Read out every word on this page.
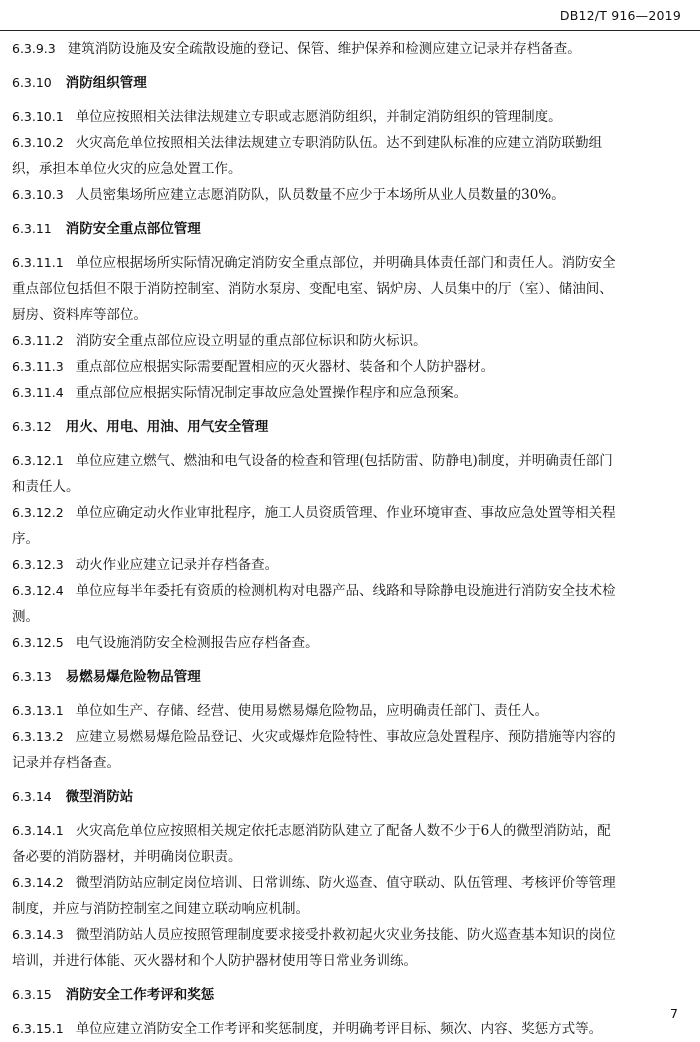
DB12/T 916—2019
6.3.9.3 建筑消防设施及安全疏散设施的登记、保管、维护保养和检测应建立记录并存档备查。
6.3.10 消防组织管理
6.3.10.1 单位应按照相关法律法规建立专职或志愿消防组织，并制定消防组织的管理制度。
6.3.10.2 火灾高危单位按照相关法律法规建立专职消防队伍。达不到建队标准的应建立消防联勤组
织，承担本单位火灾的应急处置工作。
6.3.10.3 人员密集场所应建立志愿消防队，队员数量不应少于本场所从业人员数量的30%。
6.3.11 消防安全重点部位管理
6.3.11.1 单位应根据场所实际情况确定消防安全重点部位，并明确具体责任部门和责任人。消防安全
重点部位包括但不限于消防控制室、消防水泵房、变配电室、锅炉房、人员集中的厅（室）、储油间、
厨房、资料库等部位。
6.3.11.2 消防安全重点部位应设立明显的重点部位标识和防火标识。
6.3.11.3 重点部位应根据实际需要配置相应的灭火器材、装备和个人防护器材。
6.3.11.4 重点部位应根据实际情况制定事故应急处置操作程序和应急预案。
6.3.12 用火、用电、用油、用气安全管理
6.3.12.1 单位应建立燃气、燃油和电气设备的检查和管理(包括防雷、防静电)制度，并明确责任部门
和责任人。
6.3.12.2 单位应确定动火作业审批程序，施工人员资质管理、作业环境审查、事故应急处置等相关程
序。
6.3.12.3 动火作业应建立记录并存档备查。
6.3.12.4 单位应每半年委托有资质的检测机构对电器产品、线路和导除静电设施进行消防安全技术检
测。
6.3.12.5 电气设施消防安全检测报告应存档备查。
6.3.13 易燃易爆危险物品管理
6.3.13.1 单位如生产、存储、经营、使用易燃易爆危险物品，应明确责任部门、责任人。
6.3.13.2 应建立易燃易爆危险品登记、火灾或爆炸危险特性、事故应急处置程序、预防措施等内容的
记录并存档备查。
6.3.14 微型消防站
6.3.14.1 火灾高危单位应按照相关规定依托志愿消防队建立了配备人数不少于6人的微型消防站，配
备必要的消防器材，并明确岗位职责。
6.3.14.2 微型消防站应制定岗位培训、日常训练、防火巡查、值守联动、队伍管理、考核评价等管理
制度，并应与消防控制室之间建立联动响应机制。
6.3.14.3 微型消防站人员应按照管理制度要求接受扑救初起火灾业务技能、防火巡查基本知识的岗位
培训，并进行体能、灭火器材和个人防护器材使用等日常业务训练。
6.3.15 消防安全工作考评和奖惩
6.3.15.1 单位应建立消防安全工作考评和奖惩制度，并明确考评目标、频次、内容、奖惩方式等。
7
